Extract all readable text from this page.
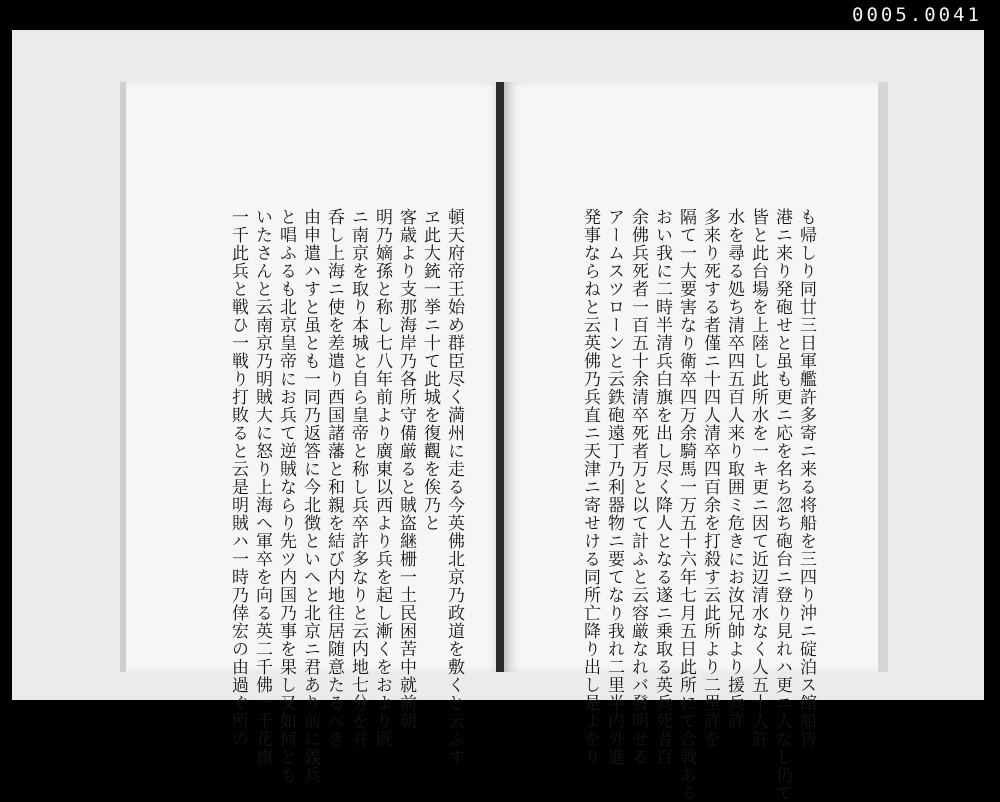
0005.0041
頓天府帝王始め群臣尽く満州に走る今英佛北京乃政道を敷くと云ふす
ヱ此大銃一挙ニ十て此城を復觀を俟乃と
客歳より支那海岸乃各所守備厳ると賊盗継栅一土民困苦中就前朝
明乃嫡孫と称し七八年前より廣東以西より兵を起し漸くをおより既
ニ南京を取り本城と自ら皇帝と称し兵卒許多なりと云内地七分を并
呑し上海ニ使を差遣り西国諸藩と和親を結び内地往居随意たるべき
由申遣ハすと虽とも一同乃返答に今北徴といへと北京ニ君あり前に義兵
と唱ふるも北京皇帝にお兵て逆賊ならり先ツ内国乃事を果し又如何とも
いたさんと云南京乃明賊大に怒り上海へ軍卒を向る英二千佛一千花旗
一千此兵と戦ひ一戦り打敗ると云是明賊ハ一時乃倖宏の由過ぐ所の	も帰しり同廿三日軍艦許多寄ニ来る将船を三四り沖ニ碇泊ス館船皆
港ニ来り発砲せと虽も更ニ応を名ち忽ち砲台ニ登り見れハ更ニ人なし仍て
皆と此台場を上陸し此所水を一キ更ニ因て近辺清水なく人五十人許
水を尋る処ち清卒四五百人来り取囲ミ危きにお汝兄帥より援兵許
多来り死する者僅ニ十四人清卒四百余を打殺す云此所より二里許を
隔て一大要害なり衛卒四万余騎馬一万五十六年七月五日此所にて合戦ある
おい我に二時半清兵白旗を出し尽く降人となる遂ニ乗取る英兵死者百
余佛兵死者一百五十余清卒死者万と以て計ふと云容厳なれバ發明せる
アームスツローンと云鉄砲遠丁乃利器物ニ要てなり我れ二里半内外進
発事ならねと云英佛乃兵直ニ天津ニ寄せける同所亡降り出し是よをり
